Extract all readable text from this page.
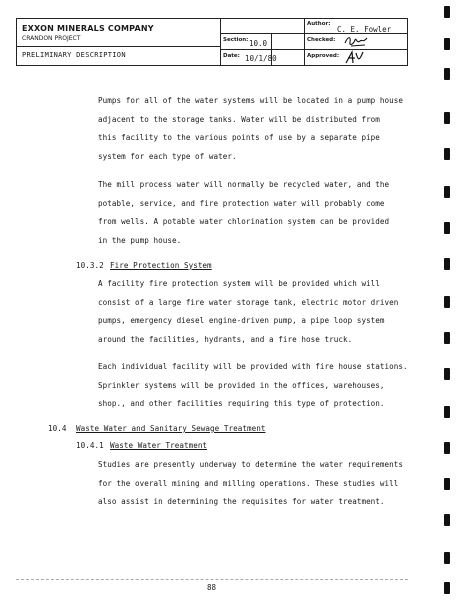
EXXON MINERALS COMPANY
CRANDON PROJECT
PRELIMINARY DESCRIPTION
Section: 10.0
Date: 10/1/80
Author:
C. E. Fowler
Checked:
Approved:
Pumps for all of the water systems will be located in a pump house
adjacent to the storage tanks. Water will be distributed from
this facility to the various points of use by a separate pipe
system for each type of water.
The mill process water will normally be recycled water, and the
potable, service, and fire protection water will probably come
from wells. A potable water chlorination system can be provided
in the pump house.
10.3.2 Fire Protection System
A facility fire protection system will be provided which will
consist of a large fire water storage tank, electric motor driven
pumps, emergency diesel engine-driven pump, a pipe loop system
around the facilities, hydrants, and a fire hose truck.
Each individual facility will be provided with fire house stations.
Sprinkler systems will be provided in the offices, warehouses,
shop., and other facilities requiring this type of protection.
10.4 Waste Water and Sanitary Sewage Treatment
10.4.1 Waste Water Treatment
Studies are presently underway to determine the water requirements
for the overall mining and milling operations. These studies will
also assist in determining the requisites for water treatment.
88
